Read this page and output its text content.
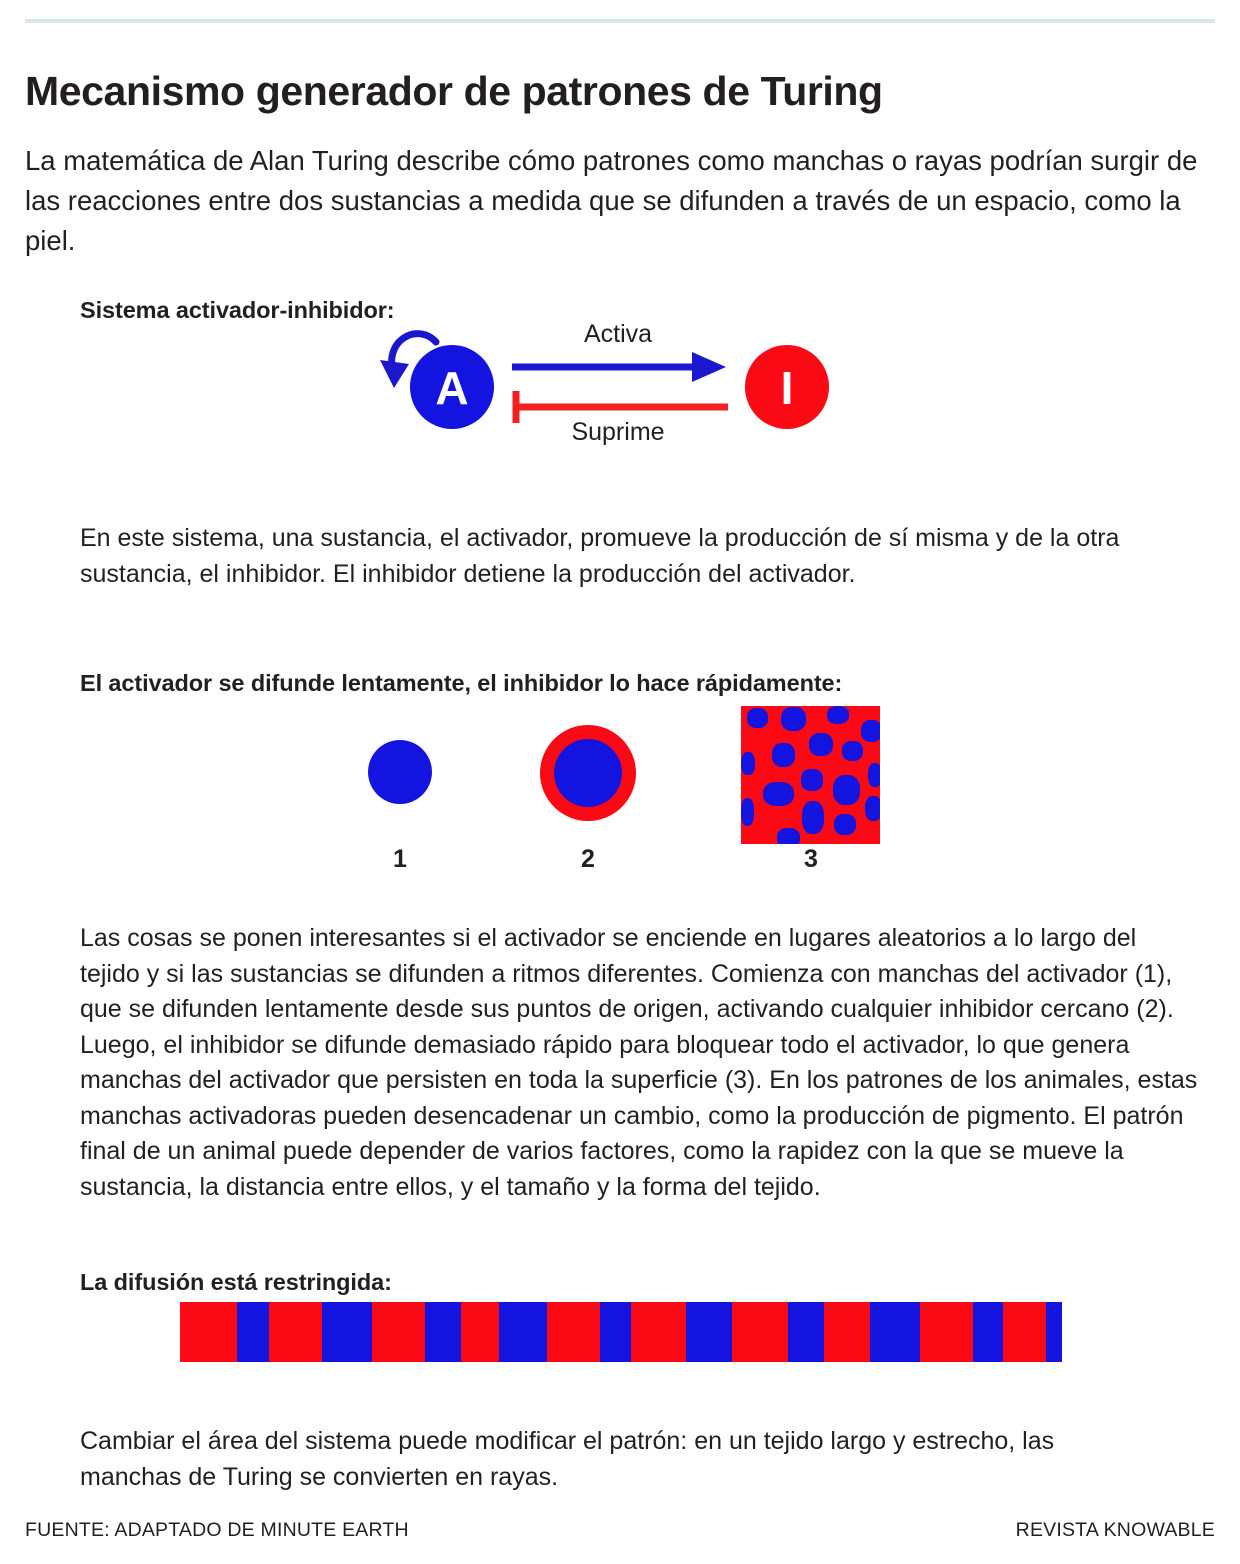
Mecanismo generador de patrones de Turing

La matemática de Alan Turing describe cómo patrones como manchas o rayas podrían surgir de las reacciones entre dos sustancias a medida que se difunden a través de un espacio, como la piel.

Sistema activador-inhibidor:
A
Activa
Suprime
I

En este sistema, una sustancia, el activador, promueve la producción de sí misma y de la otra sustancia, el inhibidor. El inhibidor detiene la producción del activador.

El activador se difunde lentamente, el inhibidor lo hace rápidamente:
1	2	3

Las cosas se ponen interesantes si el activador se enciende en lugares aleatorios a lo largo del tejido y si las sustancias se difunden a ritmos diferentes. Comienza con manchas del activador (1), que se difunden lentamente desde sus puntos de origen, activando cualquier inhibidor cercano (2). Luego, el inhibidor se difunde demasiado rápido para bloquear todo el activador, lo que genera manchas del activador que persisten en toda la superficie (3). En los patrones de los animales, estas manchas activadoras pueden desencadenar un cambio, como la producción de pigmento. El patrón final de un animal puede depender de varios factores, como la rapidez con la que se mueve la sustancia, la distancia entre ellos, y el tamaño y la forma del tejido.

La difusión está restringida:

Cambiar el área del sistema puede modificar el patrón: en un tejido largo y estrecho, las manchas de Turing se convierten en rayas.

FUENTE: ADAPTADO DE MINUTE EARTH	REVISTA KNOWABLE
